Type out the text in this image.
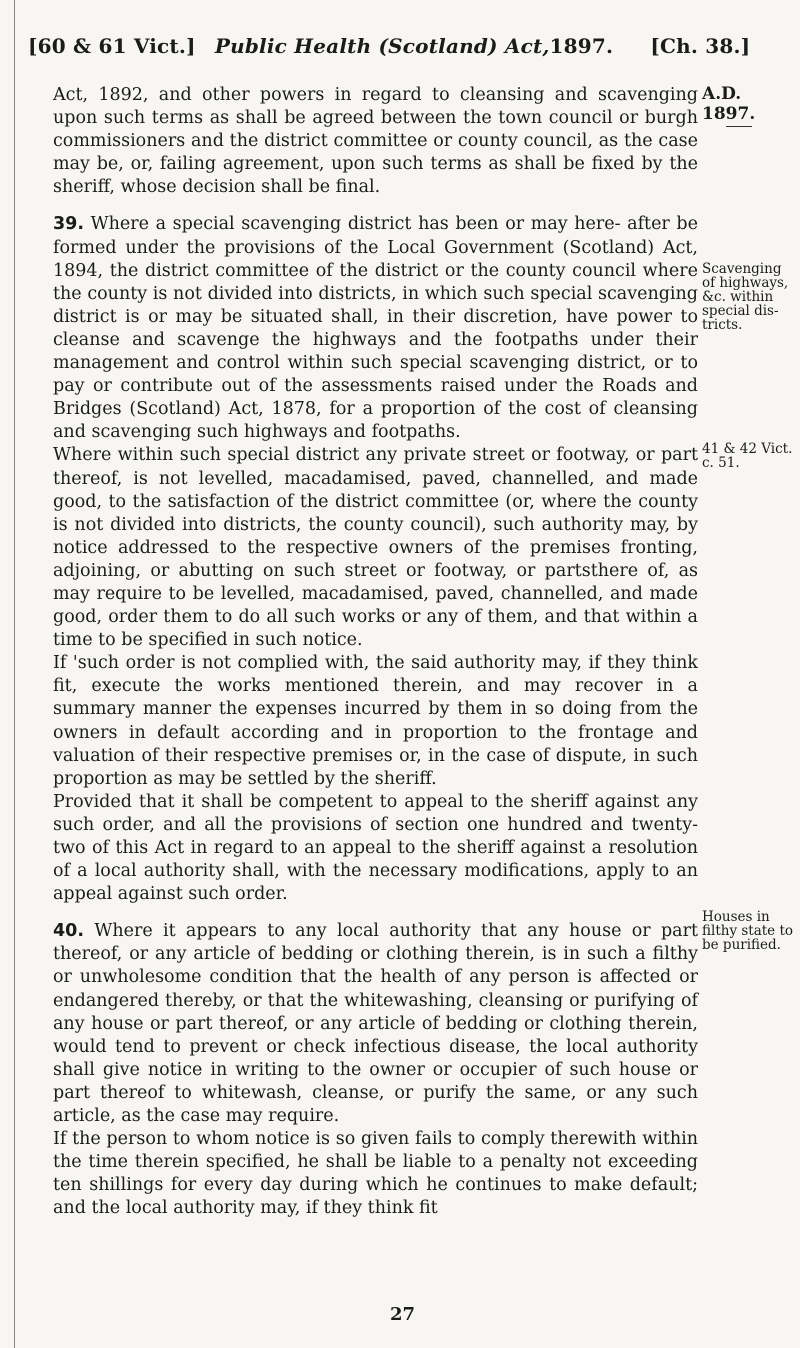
[60 & 61 Vict.] Public Health (Scotland) Act,1897. [Ch. 38.]
A.D. 1897.
Scavenging of highways, &c. within special dis- tricts.
41 & 42 Vict. c. 51.
Houses in filthy state to be purified.

Act, 1892, and other powers in regard to cleansing and scavenging upon such terms as shall be agreed between the town council or burgh commissioners and the district committee or county council, as the case may be, or, failing agreement, upon such terms as shall be fixed by the sheriff, whose decision shall be final.

39. Where a special scavenging district has been or may here- after be formed under the provisions of the Local Government (Scotland) Act, 1894, the district committee of the district or the county council where the county is not divided into districts, in which such special scavenging district is or may be situated shall, in their discretion, have power to cleanse and scavenge the highways and the footpaths under their management and control within such special scavenging district, or to pay or contribute out of the assessments raised under the Roads and Bridges (Scotland) Act, 1878, for a proportion of the cost of cleansing and scavenging such highways and footpaths.

Where within such special district any private street or footway, or part thereof, is not levelled, macadamised, paved, channelled, and made good, to the satisfaction of the district committee (or, where the county is not divided into districts, the county council), such authority may, by notice addressed to the respective owners of the premises fronting, adjoining, or abutting on such street or footway, or partsthere of, as may require to be levelled, macadamised, paved, channelled, and made good, order them to do all such works or any of them, and that within a time to be specified in such notice.

If 'such order is not complied with, the said authority may, if they think fit, execute the works mentioned therein, and may recover in a summary manner the expenses incurred by them in so doing from the owners in default according and in proportion to the frontage and valuation of their respective premises or, in the case of dispute, in such proportion as may be settled by the sheriff.

Provided that it shall be competent to appeal to the sheriff against any such order, and all the provisions of section one hundred and twenty-two of this Act in regard to an appeal to the sheriff against a resolution of a local authority shall, with the necessary modifications, apply to an appeal against such order.

40. Where it appears to any local authority that any house or part thereof, or any article of bedding or clothing therein, is in such a filthy or unwholesome condition that the health of any person is affected or endangered thereby, or that the whitewashing, cleansing or purifying of any house or part thereof, or any article of bedding or clothing therein, would tend to prevent or check infectious disease, the local authority shall give notice in writing to the owner or occupier of such house or part thereof to whitewash, cleanse, or purify the same, or any such article, as the case may require.

If the person to whom notice is so given fails to comply therewith within the time therein specified, he shall be liable to a penalty not exceeding ten shillings for every day during which he continues to make default; and the local authority may, if they think fit

27
